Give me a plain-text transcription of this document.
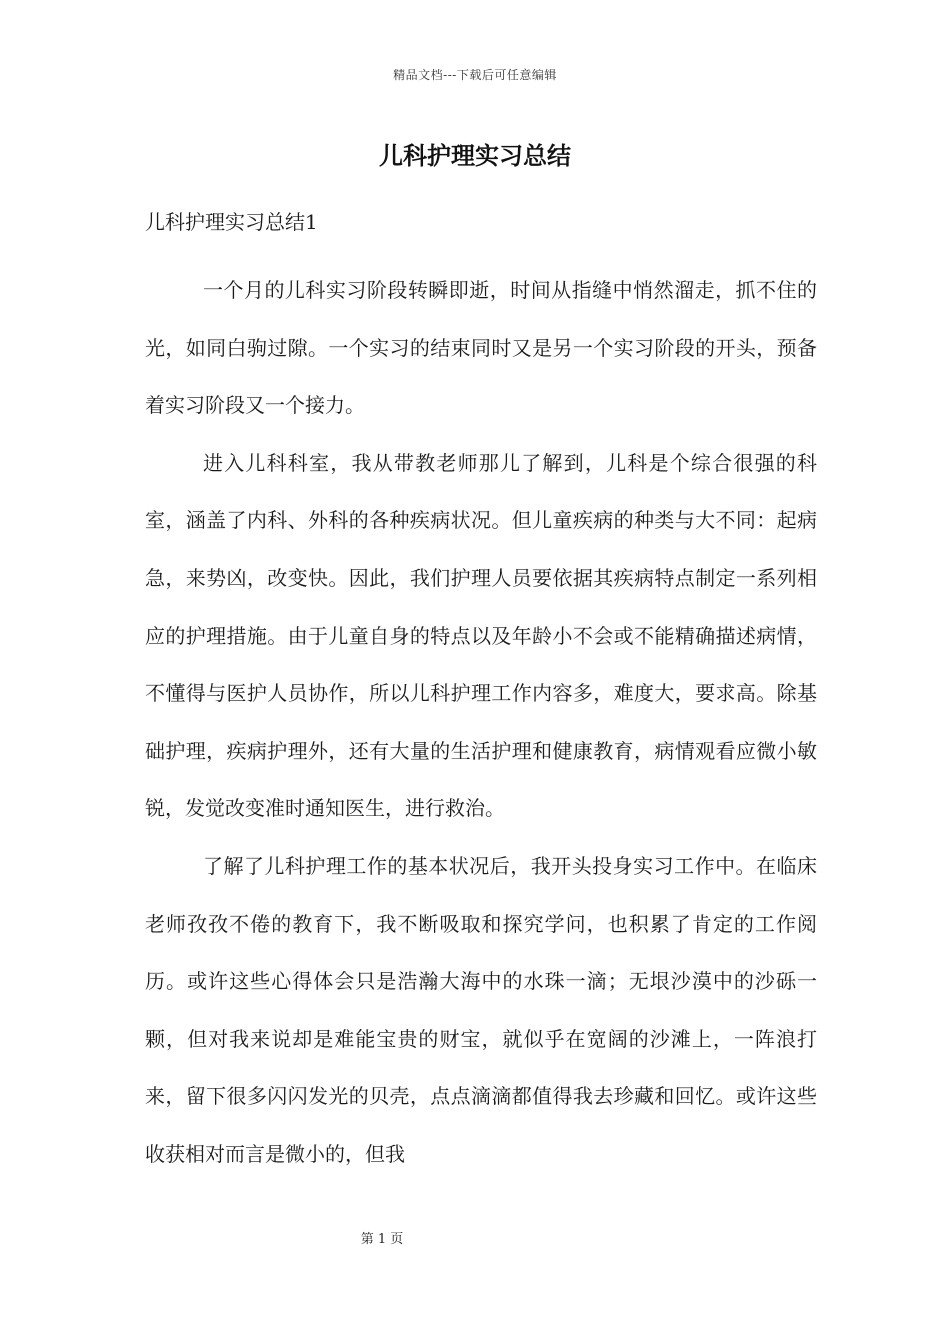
精品文档---下载后可任意编辑
儿科护理实习总结
儿科护理实习总结1

一个月的儿科实习阶段转瞬即逝，时间从指缝中悄然溜走，抓不住的光，如同白驹过隙。一个实习的结束同时又是另一个实习阶段的开头，预备着实习阶段又一个接力。

进入儿科科室，我从带教老师那儿了解到，儿科是个综合很强的科室，涵盖了内科、外科的各种疾病状况。但儿童疾病的种类与大不同：起病急，来势凶，改变快。因此，我们护理人员要依据其疾病特点制定一系列相应的护理措施。由于儿童自身的特点以及年龄小不会或不能精确描述病情，不懂得与医护人员协作，所以儿科护理工作内容多，难度大，要求高。除基础护理，疾病护理外，还有大量的生活护理和健康教育，病情观看应微小敏锐，发觉改变准时通知医生，进行救治。

了解了儿科护理工作的基本状况后，我开头投身实习工作中。在临床老师孜孜不倦的教育下，我不断吸取和探究学问，也积累了肯定的工作阅历。或许这些心得体会只是浩瀚大海中的水珠一滴；无垠沙漠中的沙砾一颗，但对我来说却是难能宝贵的财宝，就似乎在宽阔的沙滩上，一阵浪打来，留下很多闪闪发光的贝壳，点点滴滴都值得我去珍藏和回忆。或许这些收获相对而言是微小的，但我

第 1 页
